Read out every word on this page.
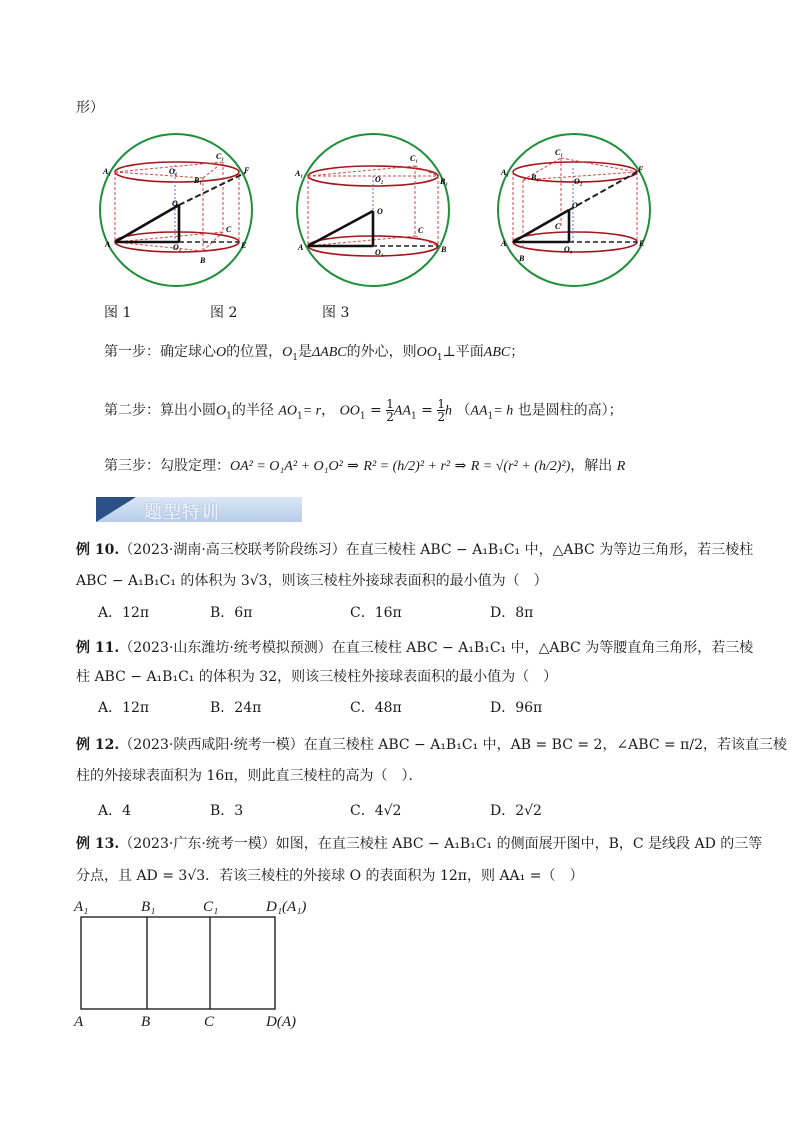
形）
A₁
C₁
O₁
B₁
F
O
C
A	O₁	E
B
A₁
C₁
O₂	B₁
O
C
A
O₁	B
A₁
C₁
B₁	O₂
F
O
C
A
O₁
E
B
图 1	图 2	图 3
第一步：确定球心O的位置，$O_1$是ΔABC的外心，则$OO_1\perp$平面ABC；
第二步：算出小圆$O_1$的半径 $AO_1= r$， $OO_1 = \frac{1}{2} AA_1 = \frac{1}{2}$ h （$AA_1= h$ 也是圆柱的高）；
第三步：勾股定理：OA² = O₁A² + O₁O² ⇒ R² = (h/2)² + r² ⇒ R = √(r² + (h/2)²)，解出 R
题型特训
例 10.（2023·湖南·高三校联考阶段练习）在直三棱柱 ABC − A₁B₁C₁ 中，△ABC 为等边三角形，若三棱柱
ABC − A₁B₁C₁ 的体积为 3√3，则该三棱柱外接球表面积的最小值为（　）
A．12π	B．6π	C．16π	D．8π
例 11.（2023·山东潍坊·统考模拟预测）在直三棱柱 ABC − A₁B₁C₁ 中，△ABC 为等腰直角三角形，若三棱
柱 ABC − A₁B₁C₁ 的体积为 32，则该三棱柱外接球表面积的最小值为（　）
A．12π	B．24π	C．48π	D．96π
例 12.（2023·陕西咸阳·统考一模）在直三棱柱 ABC − A₁B₁C₁ 中，AB = BC = 2，∠ABC = π/2，若该直三棱
柱的外接球表面积为 16π，则此直三棱柱的高为（　）．
A．4	B．3	C．4√2	D．2√2
例 13.（2023·广东·统考一模）如图，在直三棱柱 ABC − A₁B₁C₁ 的侧面展开图中，B，C 是线段 AD 的三等
分点，且 AD = 3√3．若该三棱柱的外接球 O 的表面积为 12π，则 AA₁ =（　）
A₁	B₁	C₁	D₁(A₁)
A	B	C	D(A)
